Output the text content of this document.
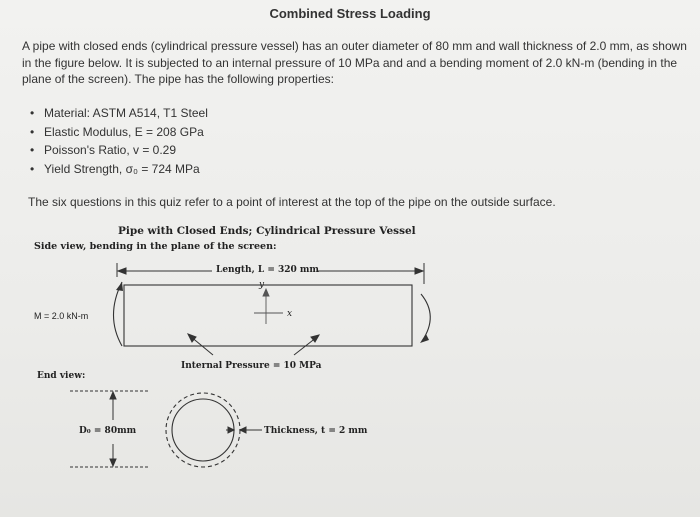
Combined Stress Loading
A pipe with closed ends (cylindrical pressure vessel) has an outer diameter of 80 mm and wall thickness of 2.0 mm, as shown in the figure below. It is subjected to an internal pressure of 10 MPa and and a bending moment of 2.0 kN-m (bending in the plane of the screen). The pipe has the following properties:
• Material: ASTM A514, T1 Steel
• Elastic Modulus, E = 208 GPa
• Poisson's Ratio, v = 0.29
• Yield Strength, σ₀ = 724 MPa
The six questions in this quiz refer to a point of interest at the top of the pipe on the outside surface.
Pipe with Closed Ends; Cylindrical Pressure Vessel
Side view, bending in the plane of the screen:
Length, L = 320 mm
y
x
M = 2.0 kN-m
Internal Pressure = 10 MPa
End view:
D₀ = 80mm	Thickness, t = 2 mm
